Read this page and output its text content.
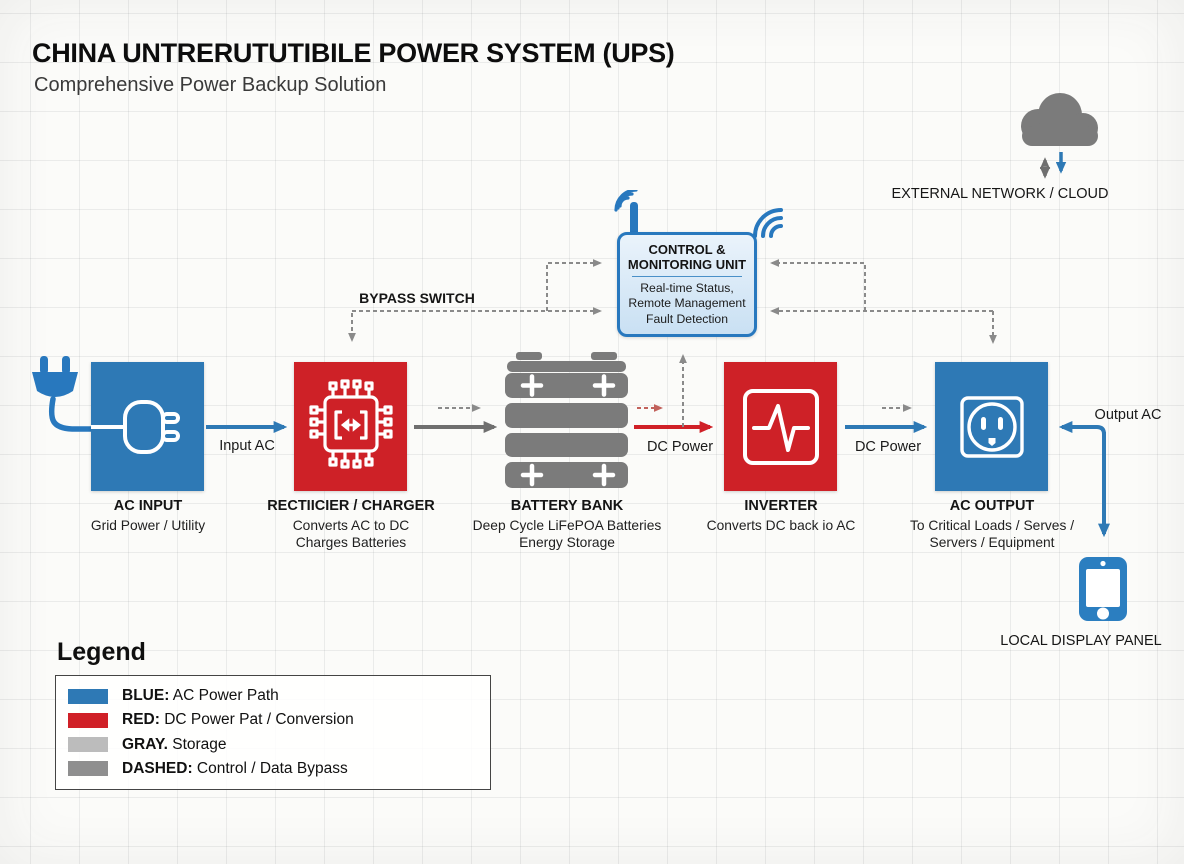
CHINA UNTRERUTUTIBILE POWER SYSTEM (UPS)
Comprehensive Power Backup Solution
EXTERNAL NETWORK / CLOUD
BYPASS SWITCH
CONTROL &
MONITORING UNIT
Real-time Status,
Remote Management
Fault Detection
AC INPUT
Grid Power / Utility
RECTIICIER / CHARGER
Converts AC to DC
Charges Batteries
BATTERY BANK
Deep Cycle LiFePOA Batteries
Energy Storage
INVERTER
Converts DC back io AC
AC OUTPUT
To Critical Loads / Serves /
Servers / Equipment
Input AC	DC Power	DC Power
Output AC
LOCAL DISPLAY PANEL
Legend
BLUE: AC Power Path
RED: DC Power Pat / Conversion
GRAY. Storage
DASHED: Control / Data Bypass
